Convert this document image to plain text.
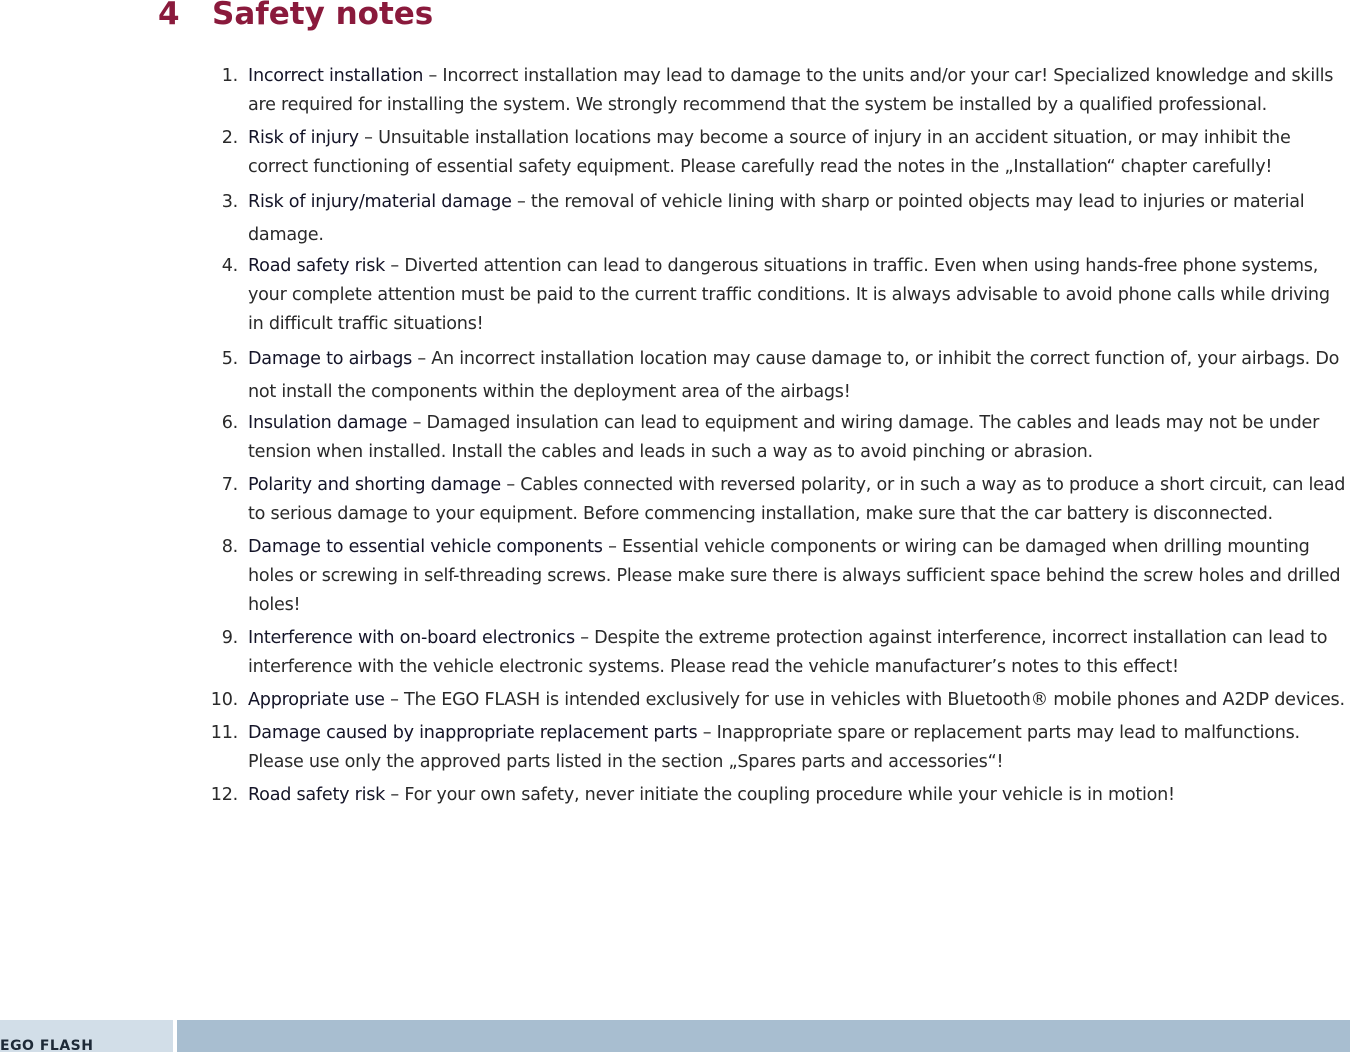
4 Safety notes
1. Incorrect installation – Incorrect installation may lead to damage to the units and/or your car! Specialized knowledge and skills are required for installing the system. We strongly recommend that the system be installed by a qualified professional.
2. Risk of injury – Unsuitable installation locations may become a source of injury in an accident situation, or may inhibit the correct functioning of essential safety equipment. Please carefully read the notes in the „Installation“ chapter carefully!
3. Risk of injury/material damage – the removal of vehicle lining with sharp or pointed objects may lead to injuries or material damage.
4. Road safety risk – Diverted attention can lead to dangerous situations in traffic. Even when using hands-free phone systems, your complete attention must be paid to the current traffic conditions. It is always advisable to avoid phone calls while driving in difficult traffic situations!
5. Damage to airbags – An incorrect installation location may cause damage to, or inhibit the correct function of, your airbags. Do not install the components within the deployment area of the airbags!
6. Insulation damage – Damaged insulation can lead to equipment and wiring damage. The cables and leads may not be under tension when installed. Install the cables and leads in such a way as to avoid pinching or abrasion.
7. Polarity and shorting damage – Cables connected with reversed polarity, or in such a way as to produce a short circuit, can lead to serious damage to your equipment. Before commencing installation, make sure that the car battery is disconnected.
8. Damage to essential vehicle components – Essential vehicle components or wiring can be damaged when drilling mounting holes or screwing in self-threading screws. Please make sure there is always sufficient space behind the screw holes and drilled holes!
9. Interference with on-board electronics – Despite the extreme protection against interference, incorrect installation can lead to interference with the vehicle electronic systems. Please read the vehicle manufacturer’s notes to this effect!
10. Appropriate use – The EGO FLASH is intended exclusively for use in vehicles with Bluetooth® mobile phones and A2DP devices.
11. Damage caused by inappropriate replacement parts – Inappropriate spare or replacement parts may lead to malfunctions. Please use only the approved parts listed in the section „Spares parts and accessories“!
12. Road safety risk – For your own safety, never initiate the coupling procedure while your vehicle is in motion!
EGO FLASH
